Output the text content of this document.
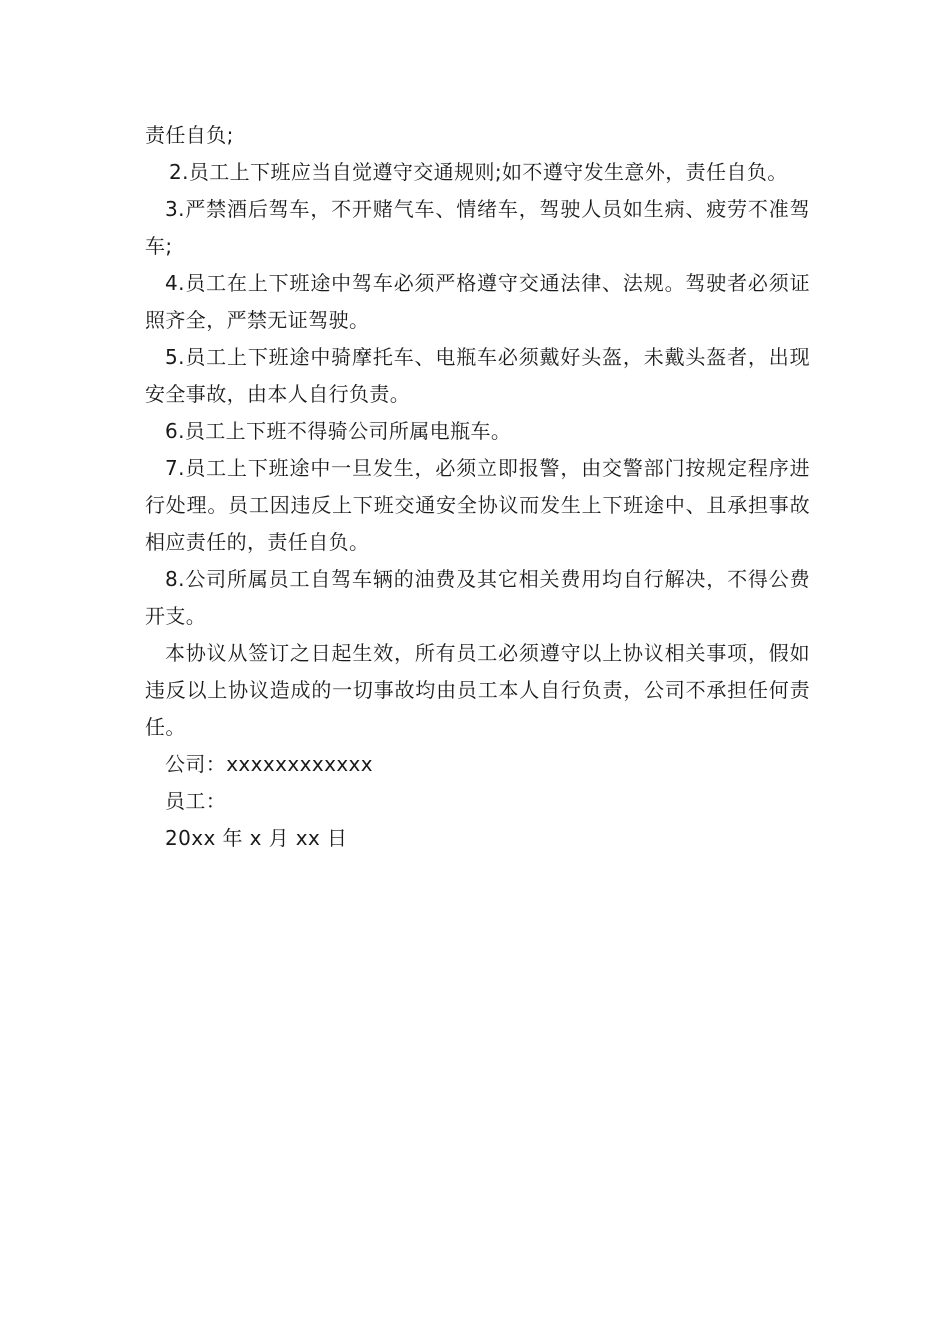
责任自负;

2.员工上下班应当自觉遵守交通规则;如不遵守发生意外，责任自负。

3.严禁酒后驾车，不开赌气车、情绪车，驾驶人员如生病、疲劳不准驾车;

4.员工在上下班途中驾车必须严格遵守交通法律、法规。驾驶者必须证照齐全，严禁无证驾驶。

5.员工上下班途中骑摩托车、电瓶车必须戴好头盔，未戴头盔者，出现安全事故，由本人自行负责。

6.员工上下班不得骑公司所属电瓶车。

7.员工上下班途中一旦发生，必须立即报警，由交警部门按规定程序进行处理。员工因违反上下班交通安全协议而发生上下班途中、且承担事故相应责任的，责任自负。

8.公司所属员工自驾车辆的油费及其它相关费用均自行解决，不得公费开支。

本协议从签订之日起生效，所有员工必须遵守以上协议相关事项，假如违反以上协议造成的一切事故均由员工本人自行负责，公司不承担任何责任。

公司：xxxxxxxxxxxx

员工：

20xx 年 x 月 xx 日
